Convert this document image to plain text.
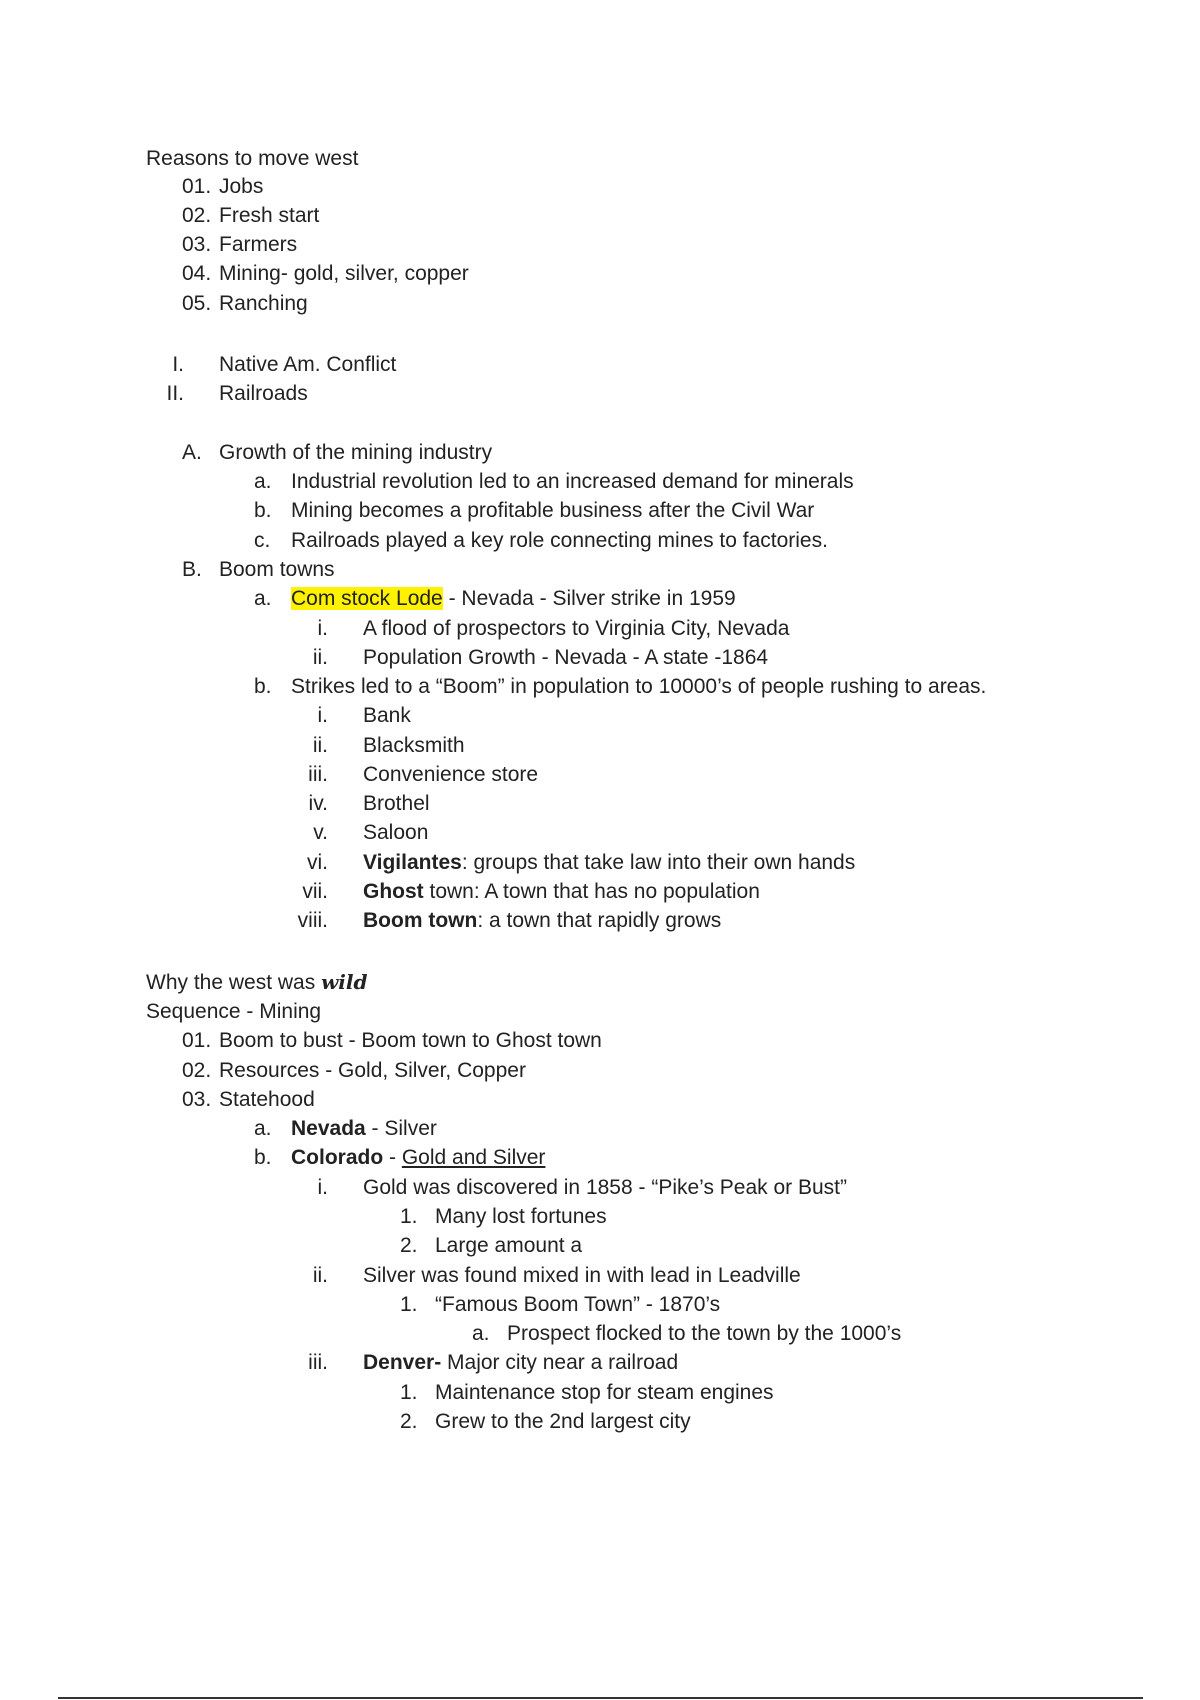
Reasons to move west
01. Jobs
02. Fresh start
03. Farmers
04. Mining- gold, silver, copper
05. Ranching
I. Native Am. Conflict
II. Railroads
A. Growth of the mining industry
a. Industrial revolution led to an increased demand for minerals
b. Mining becomes a profitable business after the Civil War
c. Railroads played a key role connecting mines to factories.
B. Boom towns
a. Com stock Lode - Nevada - Silver strike in 1959
i. A flood of prospectors to Virginia City, Nevada
ii. Population Growth - Nevada - A state -1864
b. Strikes led to a “Boom” in population to 10000’s of people rushing to areas.
i. Bank
ii. Blacksmith
iii. Convenience store
iv. Brothel
v. Saloon
vi. Vigilantes: groups that take law into their own hands
vii. Ghost town: A town that has no population
viii. Boom town: a town that rapidly grows
Why the west was wild
Sequence - Mining
01. Boom to bust - Boom town to Ghost town
02. Resources - Gold, Silver, Copper
03. Statehood
a. Nevada - Silver
b. Colorado - Gold and Silver
i. Gold was discovered in 1858 - “Pike’s Peak or Bust”
1. Many lost fortunes
2. Large amount a
ii. Silver was found mixed in with lead in Leadville
1. “Famous Boom Town” - 1870’s
a. Prospect flocked to the town by the 1000’s
iii. Denver- Major city near a railroad
1. Maintenance stop for steam engines
2. Grew to the 2nd largest city
